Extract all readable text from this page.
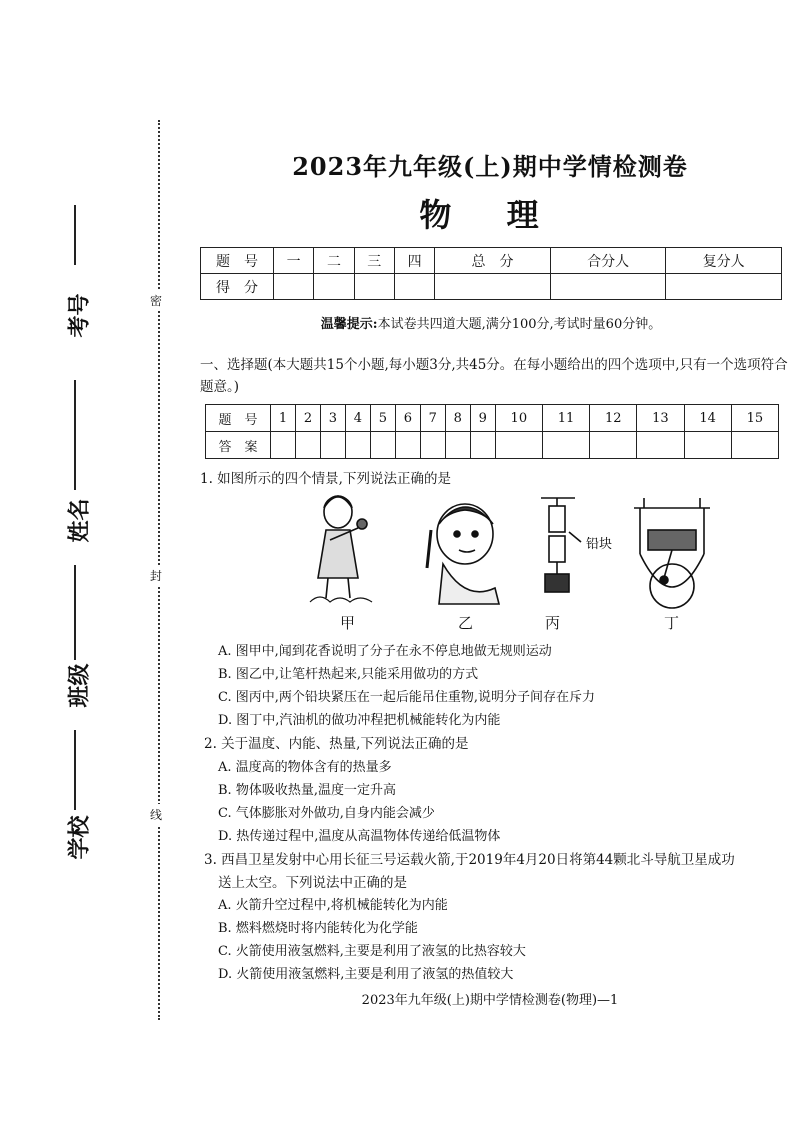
考号
姓名
班级
学校
密
封
线
2023年九年级(上)期中学情检测卷
物 理
题　号	一	二	三	四	总　分	合分人	复分人
得　分							
温馨提示:本试卷共四道大题,满分100分,考试时量60分钟。
一、选择题(本大题共15个小题,每小题3分,共45分。在每小题给出的四个选项中,只有一个选项符合题意。)
题　号	1	2	3	4	5	6	7	8	9	10	11	12	13	14	15
答　案															
1. 如图所示的四个情景,下列说法正确的是
铅块
甲	乙	丙	丁
A. 图甲中,闻到花香说明了分子在永不停息地做无规则运动
B. 图乙中,让笔杆热起来,只能采用做功的方式
C. 图丙中,两个铅块紧压在一起后能吊住重物,说明分子间存在斥力
D. 图丁中,汽油机的做功冲程把机械能转化为内能
2. 关于温度、内能、热量,下列说法正确的是
A. 温度高的物体含有的热量多
B. 物体吸收热量,温度一定升高
C. 气体膨胀对外做功,自身内能会减少
D. 热传递过程中,温度从高温物体传递给低温物体
3. 西昌卫星发射中心用长征三号运载火箭,于2019年4月20日将第44颗北斗导航卫星成功
送上太空。下列说法中正确的是
A. 火箭升空过程中,将机械能转化为内能
B. 燃料燃烧时将内能转化为化学能
C. 火箭使用液氢燃料,主要是利用了液氢的比热容较大
D. 火箭使用液氢燃料,主要是利用了液氢的热值较大
2023年九年级(上)期中学情检测卷(物理)—1
